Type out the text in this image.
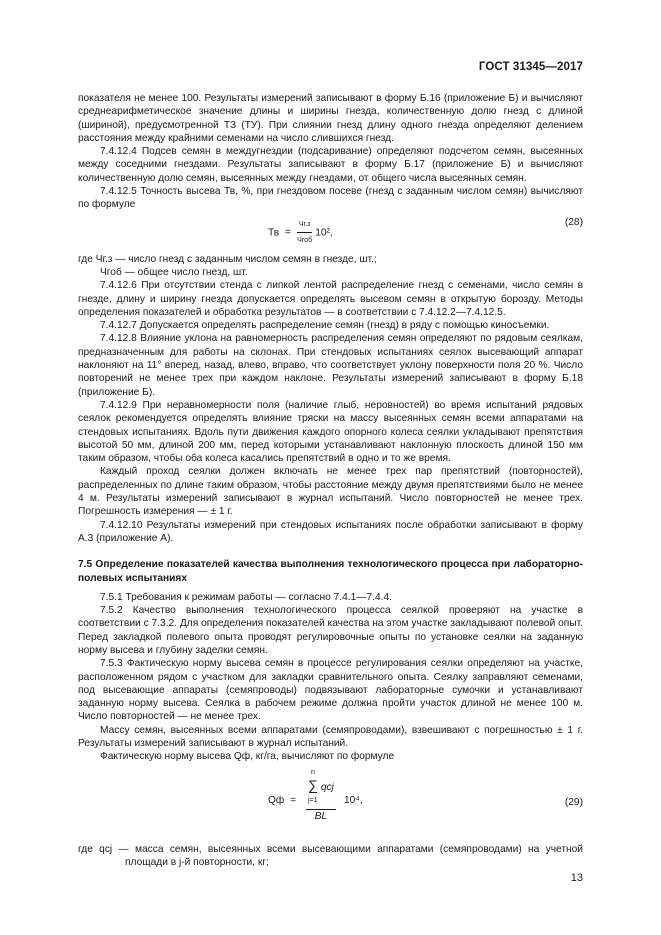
ГОСТ 31345—2017

показателя не менее 100. Результаты измерений записывают в форму Б.16 (приложение Б) и вычисляют среднеарифметическое значение длины и ширины гнезда, количественную долю гнезд с длиной (шириной), предусмотренной ТЗ (ТУ). При слиянии гнезд длину одного гнезда определяют делением расстояния между крайними семенами на число слившихся гнезд.

7.4.12.4 Подсев семян в междугнездии (подсаривание) определяют подсчетом семян, высеянных между соседними гнездами. Результаты записывают в форму Б.17 (приложение Б) и вычисляют количественную долю семян, высеянных между гнездами, от общего числа высеянных семян.

7.4.12.5 Точность высева Тв, %, при гнездовом посеве (гнезд с заданным числом семян) вычисляют по формуле

Тв = $\frac{Чг.з}{\text{Чгоб}} 10^2$,
(28)

где Чг.з — число гнезд с заданным числом семян в гнезде, шт.;

Чгоб — общее число гнезд, шт.

7.4.12.6 При отсутствии стенда с липкой лентой распределение гнезд с семенами, число семян в гнезде, длину и ширину гнезда допускается определять высевом семян в открытую борозду. Методы определения показателей и обработка результатов — в соответствии с 7.4.12.2—7.4.12.5.

7.4.12.7 Допускается определять распределение семян (гнезд) в ряду с помощью киносъемки.

7.4.12.8 Влияние уклона на равномерность распределения семян определяют по рядовым сеялкам, предназначенным для работы на склонах. При стендовых испытаниях сеялок высевающий аппарат наклоняют на 11° вперед, назад, влево, вправо, что соответствует уклону поверхности поля 20 %. Число повторений не менее трех при каждом наклоне. Результаты измерений записывают в форму Б.18 (приложение Б).

7.4.12.9 При неравномерности поля (наличие глыб, неровностей) во время испытаний рядовых сеялок рекомендуется определять влияние тряски на массу высеянных семян всеми аппаратами на стендовых испытаниях. Вдоль пути движения каждого опорного колеса сеялки укладывают препятствия высотой 50 мм, длиной 200 мм, перед которыми устанавливают наклонную плоскость длиной 150 мм таким образом, чтобы оба колеса касались препятствий в одно и то же время.

Каждый проход сеялки должен включать не менее трех пар препятствий (повторностей), распределенных по длине таким образом, чтобы расстояние между двумя препятствиями было не менее 4 м. Результаты измерений записывают в журнал испытаний. Число повторностей не менее трех. Погрешность измерения — ± 1 г.

7.4.12.10 Результаты измерений при стендовых испытаниях после обработки записывают в форму А.3 (приложение А).

7.5 Определение показателей качества выполнения технологического процесса при лабораторно-полевых испытаниях

7.5.1 Требования к режимам работы — согласно 7.4.1—7.4.4.

7.5.2 Качество выполнения технологического процесса сеялкой проверяют на участке в соответствии с 7.3.2. Для определения показателей качества на этом участке закладывают полевой опыт. Перед закладкой полевого опыта проводят регулировочные опыты по установке сеялки на заданную норму высева и глубину заделки семян.

7.5.3 Фактическую норму высева семян в процессе регулирования сеялки определяют на участке, расположенном рядом с участком для закладки сравнительного опыта. Сеялку заправляют семенами, под высевающие аппараты (семяпроводы) подвязывают лабораторные сумочки и устанавливают заданную норму высева. Сеялка в рабочем режиме должна пройти участок длиной не менее 100 м. Число повторностей — не менее трех.

Массу семян, высеянных всеми аппаратами (семяпроводами), взвешивают с погрешностью ± 1 г. Результаты измерений записывают в журнал испытаний.

Фактическую норму высева Qф, кг/га, вычисляют по формуле

Qф =
n
∑ qcj
j=1
BL
10⁴,	(29)

где qcj — масса семян, высеянных всеми высевающими аппаратами (семяпроводами) на учетной площади в j-й повторности, кг;

13
